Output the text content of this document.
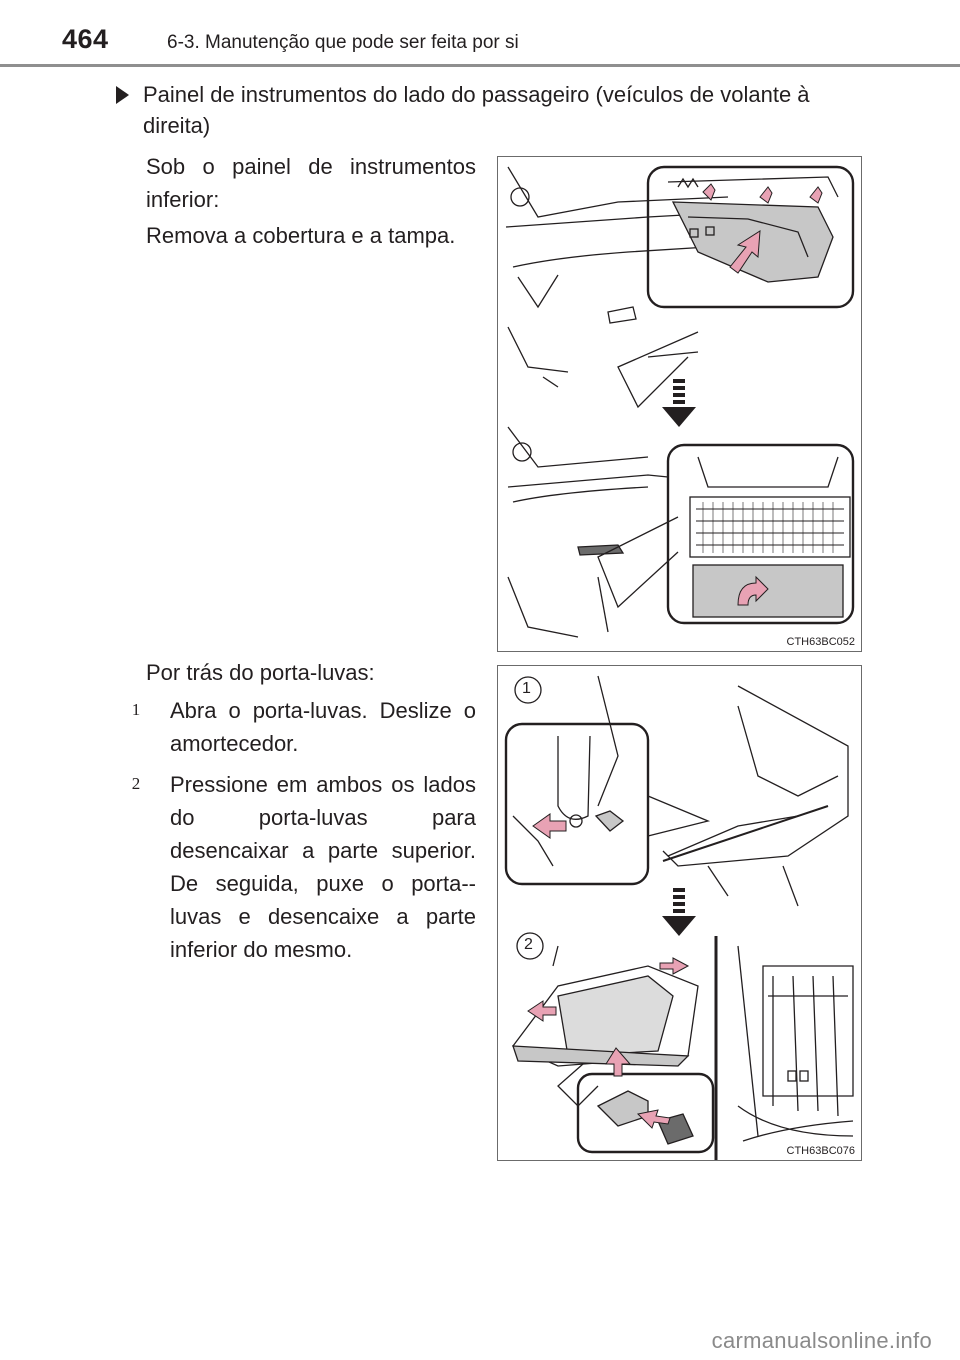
464	6-3. Manutenção que pode ser feita por si
Painel de instrumentos do lado do passageiro (veículos de volante à direita)
Sob o painel de instrumentos inferior:
Remova a cobertura e a tampa.
Por trás do porta-luvas:
1 Abra o porta-luvas. Deslize o amortecedor.
2 Pressione em ambos os lados do porta-luvas para desencaixar a parte superior. De seguida, puxe o porta--luvas e desencaixe a parte inferior do mesmo.
CTH63BC052
1
2
CTH63BC076
carmanualsonline.info
